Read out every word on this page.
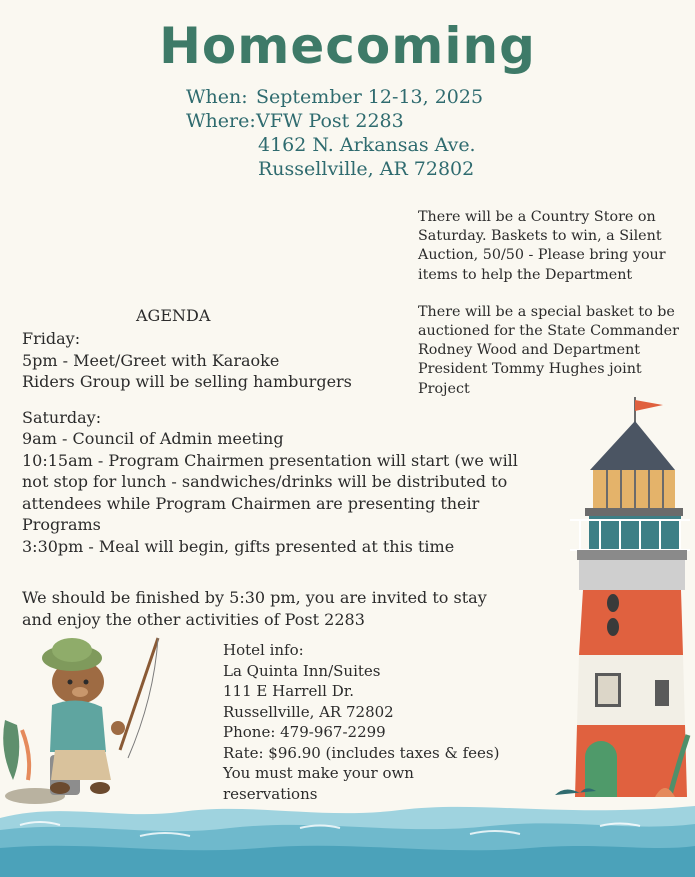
Homecoming
When: September 12-13, 2025
Where:VFW Post 2283
4162 N. Arkansas Ave.
Russellville, AR 72802

There will be a Country Store on Saturday. Baskets to win, a Silent Auction, 50/50 - Please bring your items to help the Department

There will be a special basket to be auctioned for the State Commander Rodney Wood and Department President Tommy Hughes joint Project

AGENDA
Friday:
5pm - Meet/Greet with Karaoke
Riders Group will be selling hamburgers
Saturday:
9am - Council of Admin meeting
10:15am - Program Chairmen presentation will start (we will not stop for lunch - sandwiches/drinks will be distributed to attendees while Program Chairmen are presenting their Programs
3:30pm - Meal will begin, gifts presented at this time
We should be finished by 5:30 pm, you are invited to stay and enjoy the other activities of Post 2283
Hotel info:
La Quinta Inn/Suites
111 E Harrell Dr.
Russellville, AR 72802
Phone: 479-967-2299
Rate: $96.90 (includes taxes & fees)
You must make your own
reservations
